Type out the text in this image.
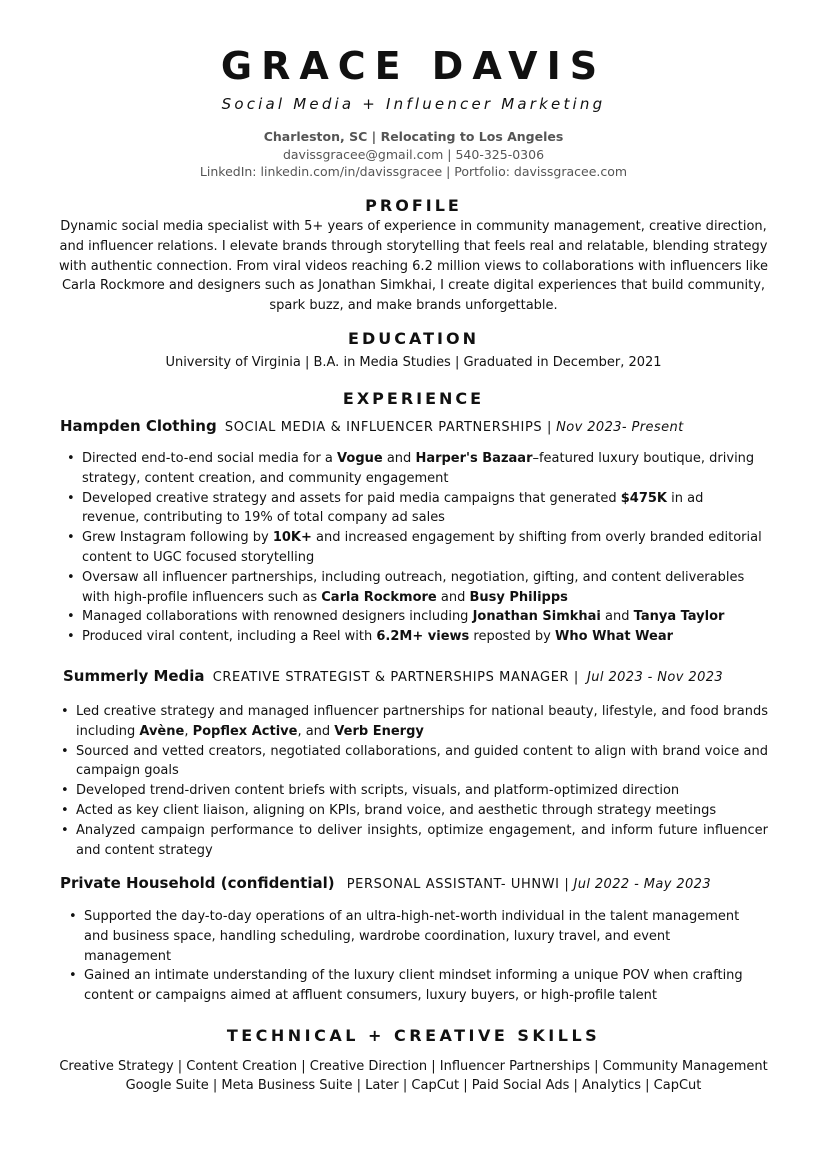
GRACE DAVIS
Social Media + Influencer Marketing
Charleston, SC | Relocating to Los Angeles
davissgracee@gmail.com | 540-325-0306
LinkedIn: linkedin.com/in/davissgracee | Portfolio: davissgracee.com
PROFILE
Dynamic social media specialist with 5+ years of experience in community management, creative direction, and influencer relations. I elevate brands through storytelling that feels real and relatable, blending strategy with authentic connection. From viral videos reaching 6.2 million views to collaborations with influencers like Carla Rockmore and designers such as Jonathan Simkhai, I create digital experiences that build community, spark buzz, and make brands unforgettable.
EDUCATION
University of Virginia | B.A. in Media Studies | Graduated in December, 2021
EXPERIENCE
Hampden Clothing SOCIAL MEDIA & INFLUENCER PARTNERSHIPS | Nov 2023- Present
• Directed end-to-end social media for a Vogue and Harper's Bazaar–featured luxury boutique, driving strategy, content creation, and community engagement
• Developed creative strategy and assets for paid media campaigns that generated $475K in ad revenue, contributing to 19% of total company ad sales
• Grew Instagram following by 10K+ and increased engagement by shifting from overly branded editorial content to UGC focused storytelling
• Oversaw all influencer partnerships, including outreach, negotiation, gifting, and content deliverables with high-profile influencers such as Carla Rockmore and Busy Philipps
• Managed collaborations with renowned designers including Jonathan Simkhai and Tanya Taylor
• Produced viral content, including a Reel with 6.2M+ views reposted by Who What Wear
Summerly Media CREATIVE STRATEGIST & PARTNERSHIPS MANAGER | Jul 2023 - Nov 2023
• Led creative strategy and managed influencer partnerships for national beauty, lifestyle, and food brands including Avène, Popflex Active, and Verb Energy
• Sourced and vetted creators, negotiated collaborations, and guided content to align with brand voice and campaign goals
• Developed trend-driven content briefs with scripts, visuals, and platform-optimized direction
• Acted as key client liaison, aligning on KPIs, brand voice, and aesthetic through strategy meetings
• Analyzed campaign performance to deliver insights, optimize engagement, and inform future influencer and content strategy
Private Household (confidential) PERSONAL ASSISTANT- UHNWI | Jul 2022 - May 2023
• Supported the day-to-day operations of an ultra-high-net-worth individual in the talent management and business space, handling scheduling, wardrobe coordination, luxury travel, and event management
• Gained an intimate understanding of the luxury client mindset informing a unique POV when crafting content or campaigns aimed at affluent consumers, luxury buyers, or high-profile talent
TECHNICAL + CREATIVE SKILLS
Creative Strategy | Content Creation | Creative Direction | Influencer Partnerships | Community Management
Google Suite | Meta Business Suite | Later | CapCut | Paid Social Ads | Analytics | CapCut
